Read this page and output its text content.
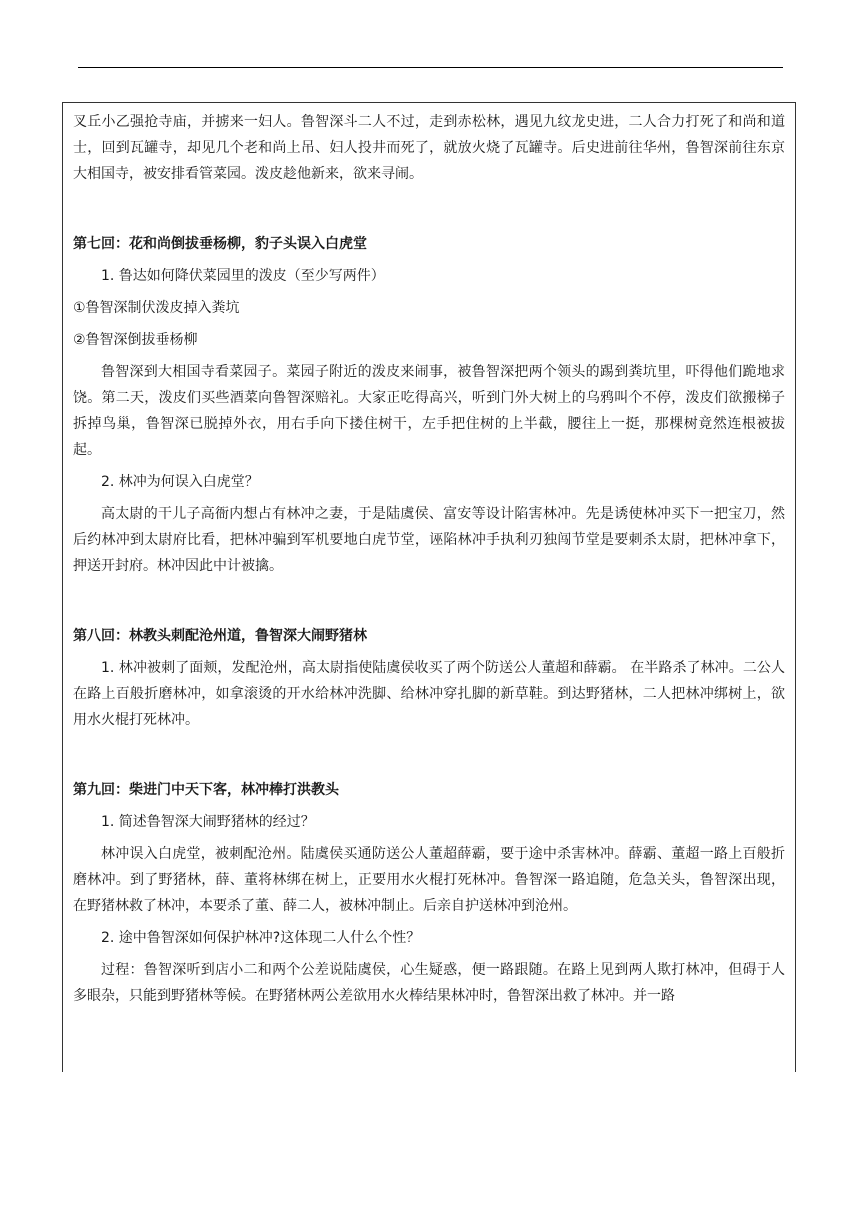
叉丘小乙强抢寺庙，并掳来一妇人。鲁智深斗二人不过，走到赤松林，遇见九纹龙史进，二人合力打死了和尚和道士，回到瓦罐寺，却见几个老和尚上吊、妇人投井而死了，就放火烧了瓦罐寺。后史进前往华州，鲁智深前往东京大相国寺，被安排看管菜园。泼皮趁他新来，欲来寻闹。

第七回：花和尚倒拔垂杨柳，豹子头误入白虎堂

1. 鲁达如何降伏菜园里的泼皮（至少写两件）

①鲁智深制伏泼皮掉入粪坑

②鲁智深倒拔垂杨柳

鲁智深到大相国寺看菜园子。菜园子附近的泼皮来闹事，被鲁智深把两个领头的踢到粪坑里，吓得他们跪地求饶。第二天，泼皮们买些酒菜向鲁智深赔礼。大家正吃得高兴，听到门外大树上的乌鸦叫个不停，泼皮们欲搬梯子拆掉鸟巢，鲁智深已脱掉外衣，用右手向下搂住树干，左手把住树的上半截，腰往上一挺，那棵树竟然连根被拔起。

2. 林冲为何误入白虎堂？

高太尉的干儿子高衙内想占有林冲之妻，于是陆虞侯、富安等设计陷害林冲。先是诱使林冲买下一把宝刀，然后约林冲到太尉府比看，把林冲骗到军机要地白虎节堂，诬陷林冲手执利刃独闯节堂是要刺杀太尉，把林冲拿下，押送开封府。林冲因此中计被擒。

第八回：林教头刺配沧州道，鲁智深大闹野猪林

1. 林冲被刺了面颊，发配沧州，高太尉指使陆虞侯收买了两个防送公人董超和薛霸。 在半路杀了林冲。二公人在路上百般折磨林冲，如拿滚烫的开水给林冲洗脚、给林冲穿扎脚的新草鞋。到达野猪林，二人把林冲绑树上，欲用水火棍打死林冲。

第九回：柴进门中天下客，林冲棒打洪教头

1. 简述鲁智深大闹野猪林的经过？

林冲误入白虎堂，被刺配沧州。陆虞侯买通防送公人董超薛霸，要于途中杀害林冲。薛霸、董超一路上百般折磨林冲。到了野猪林，薛、董将林绑在树上，正要用水火棍打死林冲。鲁智深一路追随，危急关头，鲁智深出现，在野猪林救了林冲，本要杀了董、薛二人，被林冲制止。后亲自护送林冲到沧州。

2. 途中鲁智深如何保护林冲?这体现二人什么个性？

过程：鲁智深听到店小二和两个公差说陆虞侯，心生疑惑，便一路跟随。在路上见到两人欺打林冲，但碍于人多眼杂，只能到野猪林等候。在野猪林两公差欲用水火棒结果林冲时，鲁智深出救了林冲。并一路
